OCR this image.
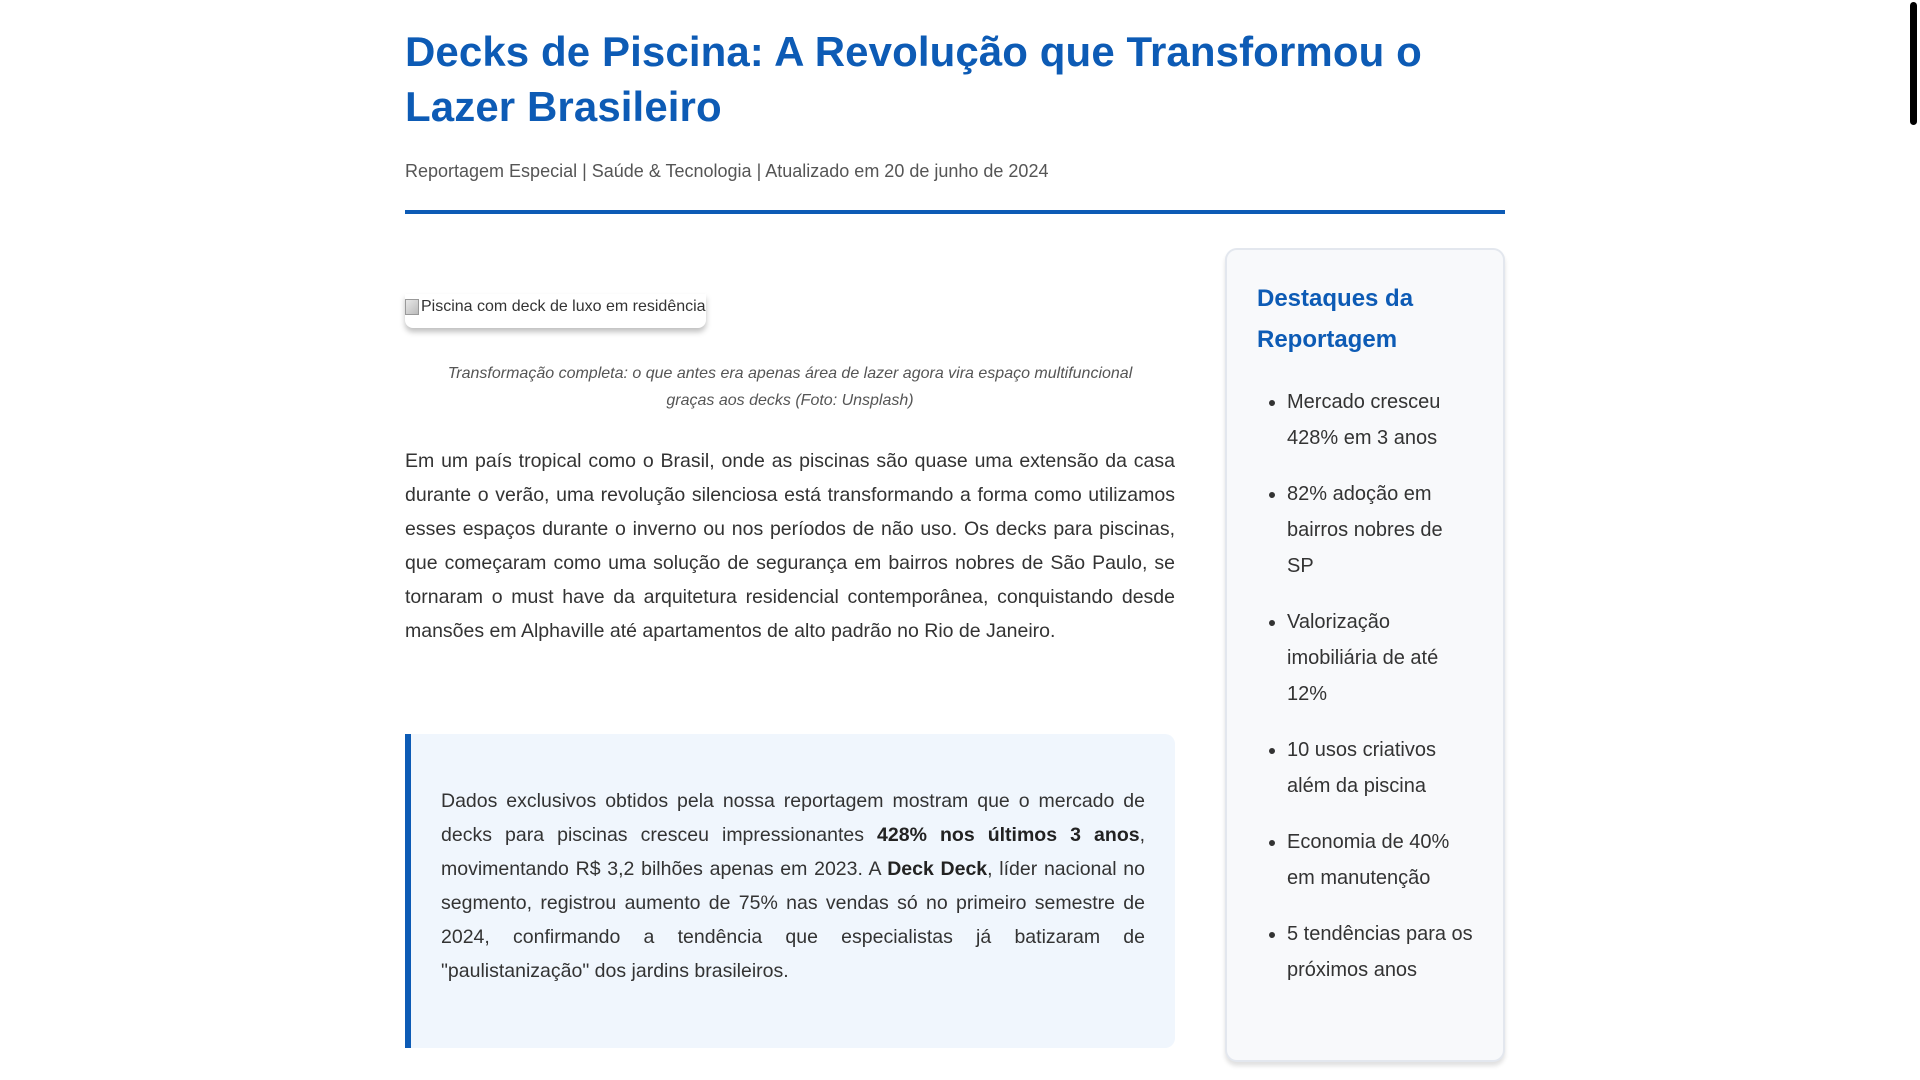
Decks de Piscina: A Revolução que Transformou o Lazer Brasileiro
Reportagem Especial | Saúde & Tecnologia | Atualizado em 20 de junho de 2024
Piscina com deck de luxo em residência
Transformação completa: o que antes era apenas área de lazer agora vira espaço multifuncional graças aos decks (Foto: Unsplash)

Em um país tropical como o Brasil, onde as piscinas são quase uma extensão da casa durante o verão, uma revolução silenciosa está transformando a forma como utilizamos esses espaços durante o inverno ou nos períodos de não uso. Os decks para piscinas, que começaram como uma solução de segurança em bairros nobres de São Paulo, se tornaram o must have da arquitetura residencial contemporânea, conquistando desde mansões em Alphaville até apartamentos de alto padrão no Rio de Janeiro.

Dados exclusivos obtidos pela nossa reportagem mostram que o mercado de decks para piscinas cresceu impressionantes 428% nos últimos 3 anos, movimentando R$ 3,2 bilhões apenas em 2023. A Deck Deck, líder nacional no segmento, registrou aumento de 75% nas vendas só no primeiro semestre de 2024, confirmando a tendência que especialistas já batizaram de "paulistanização" dos jardins brasileiros.

Destaques da Reportagem
• Mercado cresceu 428% em 3 anos
• 82% adoção em bairros nobres de SP
• Valorização imobiliária de até 12%
• 10 usos criativos além da piscina
• Economia de 40% em manutenção
• 5 tendências para os próximos anos
